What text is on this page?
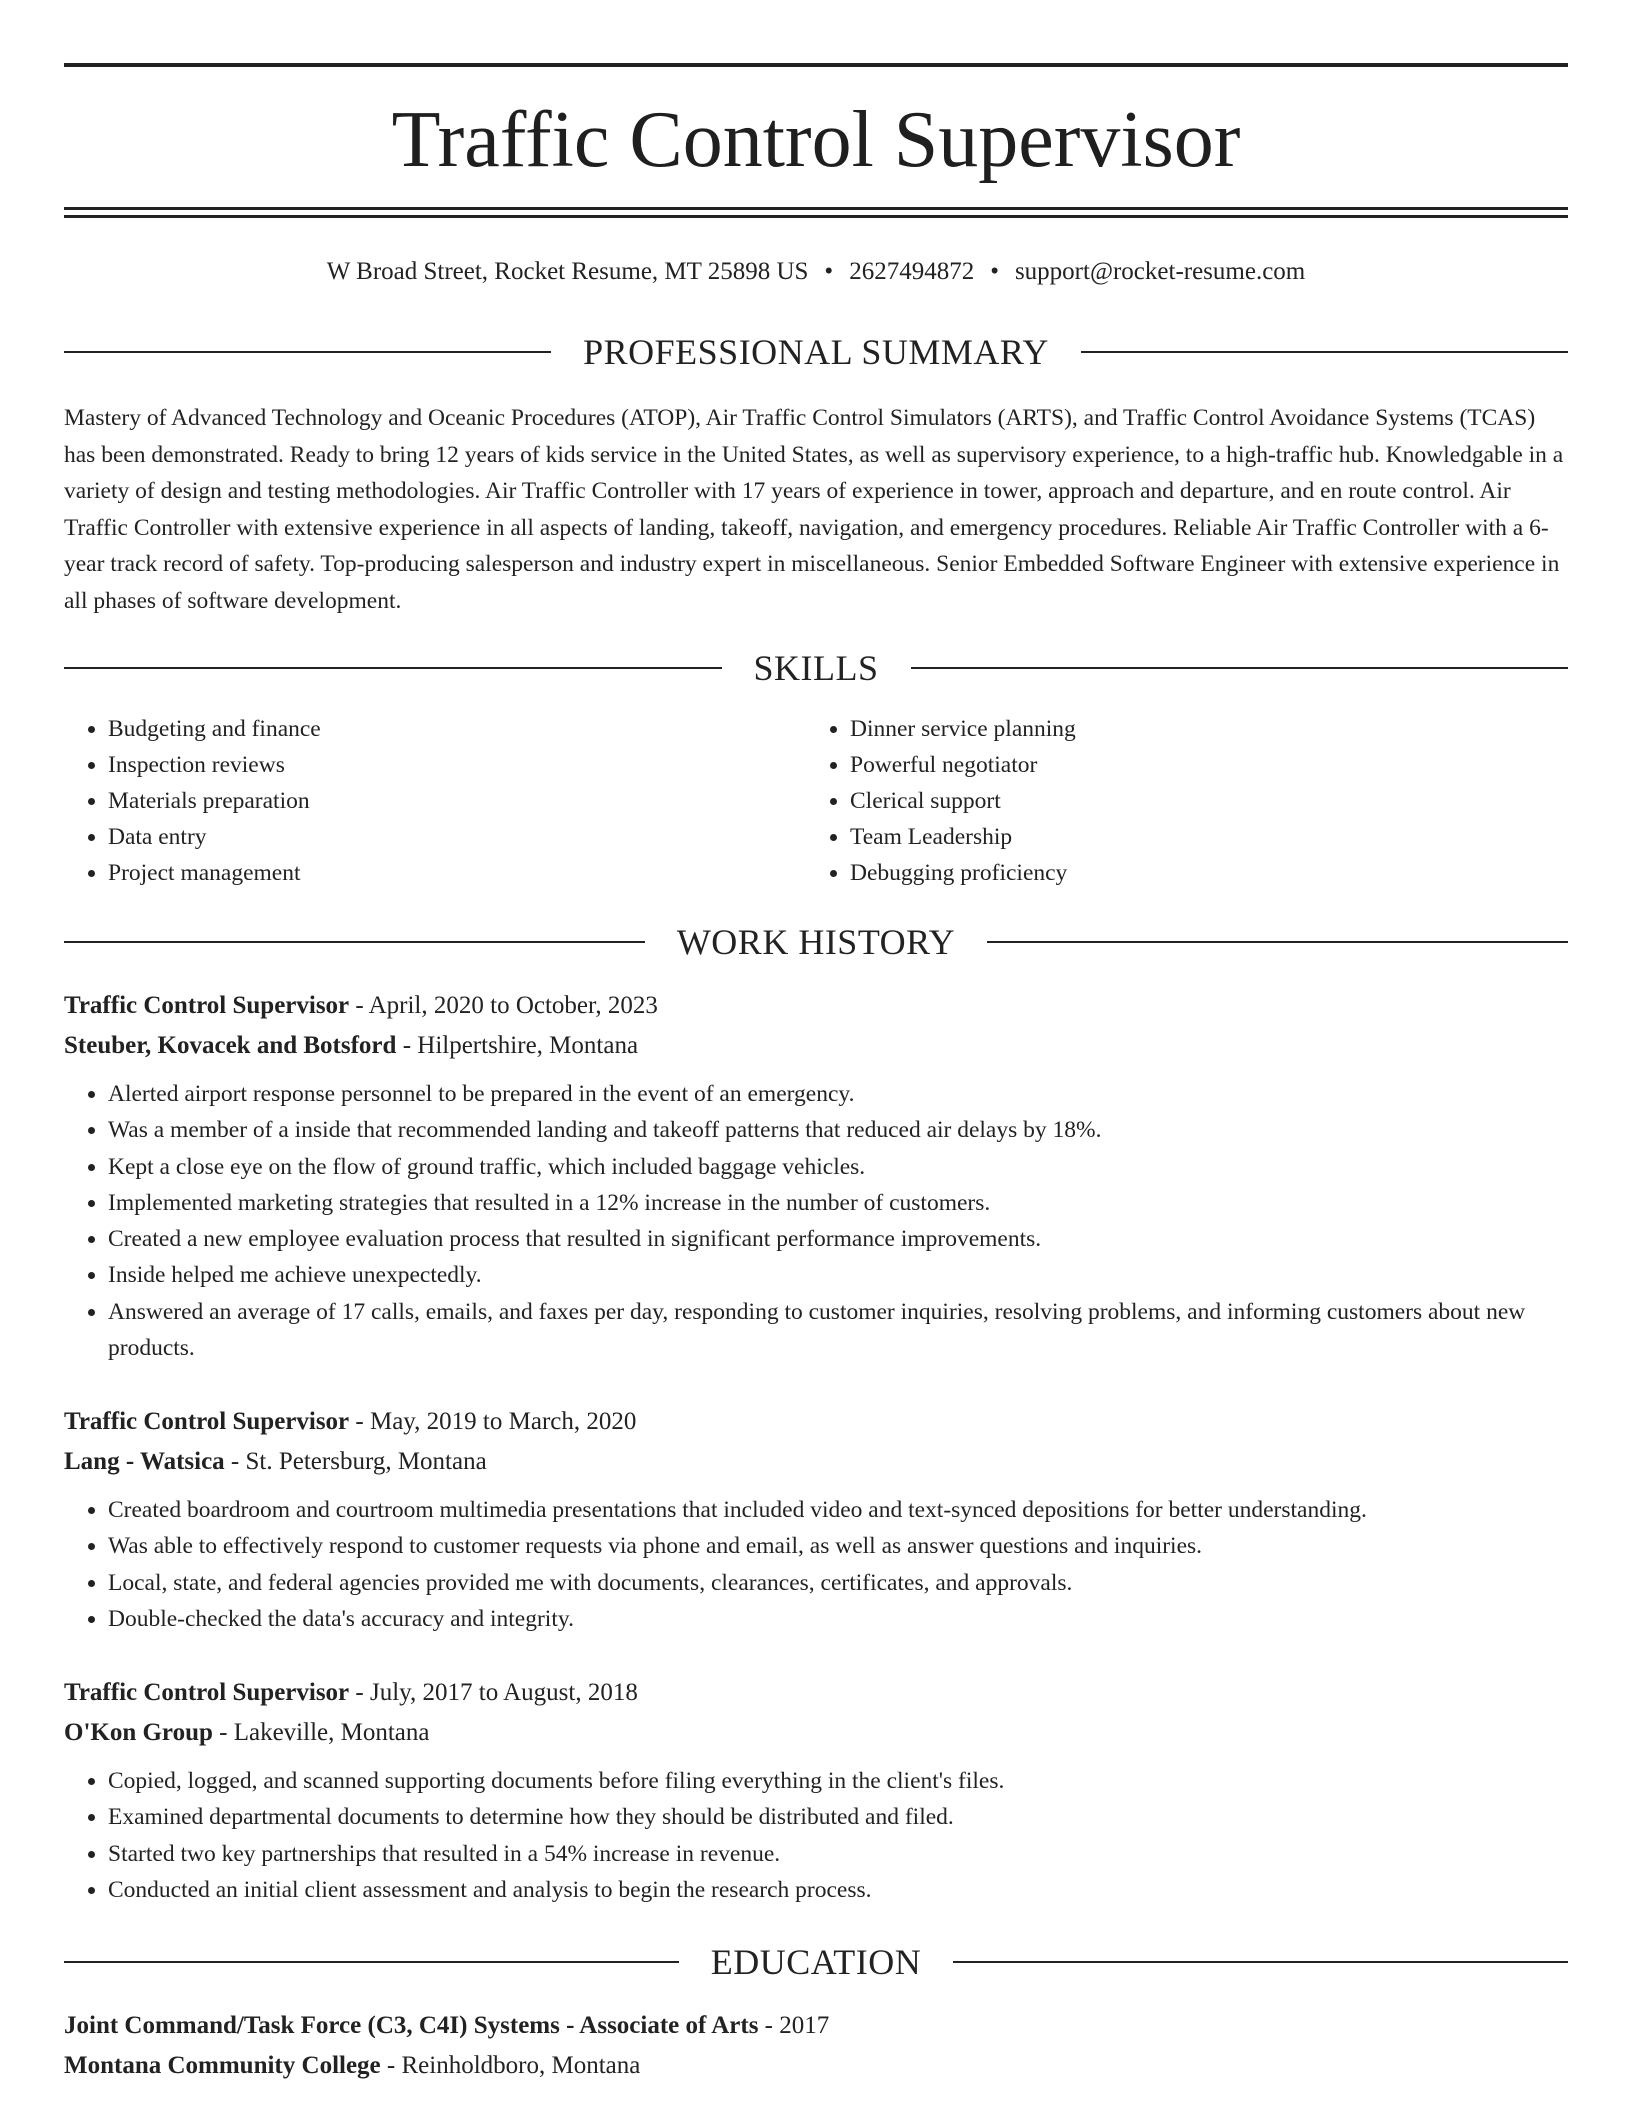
Traffic Control Supervisor
W Broad Street, Rocket Resume, MT 25898 US • 2627494872 • support@rocket-resume.com
PROFESSIONAL SUMMARY
Mastery of Advanced Technology and Oceanic Procedures (ATOP), Air Traffic Control Simulators (ARTS), and Traffic Control Avoidance Systems (TCAS) has been demonstrated. Ready to bring 12 years of kids service in the United States, as well as supervisory experience, to a high-traffic hub. Knowledgable in a variety of design and testing methodologies. Air Traffic Controller with 17 years of experience in tower, approach and departure, and en route control. Air Traffic Controller with extensive experience in all aspects of landing, takeoff, navigation, and emergency procedures. Reliable Air Traffic Controller with a 6-year track record of safety. Top-producing salesperson and industry expert in miscellaneous. Senior Embedded Software Engineer with extensive experience in all phases of software development.
SKILLS
• Budgeting and finance
• Inspection reviews
• Materials preparation
• Data entry
• Project management
• Dinner service planning
• Powerful negotiator
• Clerical support
• Team Leadership
• Debugging proficiency
WORK HISTORY
Traffic Control Supervisor - April, 2020 to October, 2023
Steuber, Kovacek and Botsford - Hilpertshire, Montana
• Alerted airport response personnel to be prepared in the event of an emergency.
• Was a member of a inside that recommended landing and takeoff patterns that reduced air delays by 18%.
• Kept a close eye on the flow of ground traffic, which included baggage vehicles.
• Implemented marketing strategies that resulted in a 12% increase in the number of customers.
• Created a new employee evaluation process that resulted in significant performance improvements.
• Inside helped me achieve unexpectedly.
• Answered an average of 17 calls, emails, and faxes per day, responding to customer inquiries, resolving problems, and informing customers about new products.
Traffic Control Supervisor - May, 2019 to March, 2020
Lang - Watsica - St. Petersburg, Montana
• Created boardroom and courtroom multimedia presentations that included video and text-synced depositions for better understanding.
• Was able to effectively respond to customer requests via phone and email, as well as answer questions and inquiries.
• Local, state, and federal agencies provided me with documents, clearances, certificates, and approvals.
• Double-checked the data's accuracy and integrity.
Traffic Control Supervisor - July, 2017 to August, 2018
O'Kon Group - Lakeville, Montana
• Copied, logged, and scanned supporting documents before filing everything in the client's files.
• Examined departmental documents to determine how they should be distributed and filed.
• Started two key partnerships that resulted in a 54% increase in revenue.
• Conducted an initial client assessment and analysis to begin the research process.
EDUCATION
Joint Command/Task Force (C3, C4I) Systems - Associate of Arts - 2017
Montana Community College - Reinholdboro, Montana
